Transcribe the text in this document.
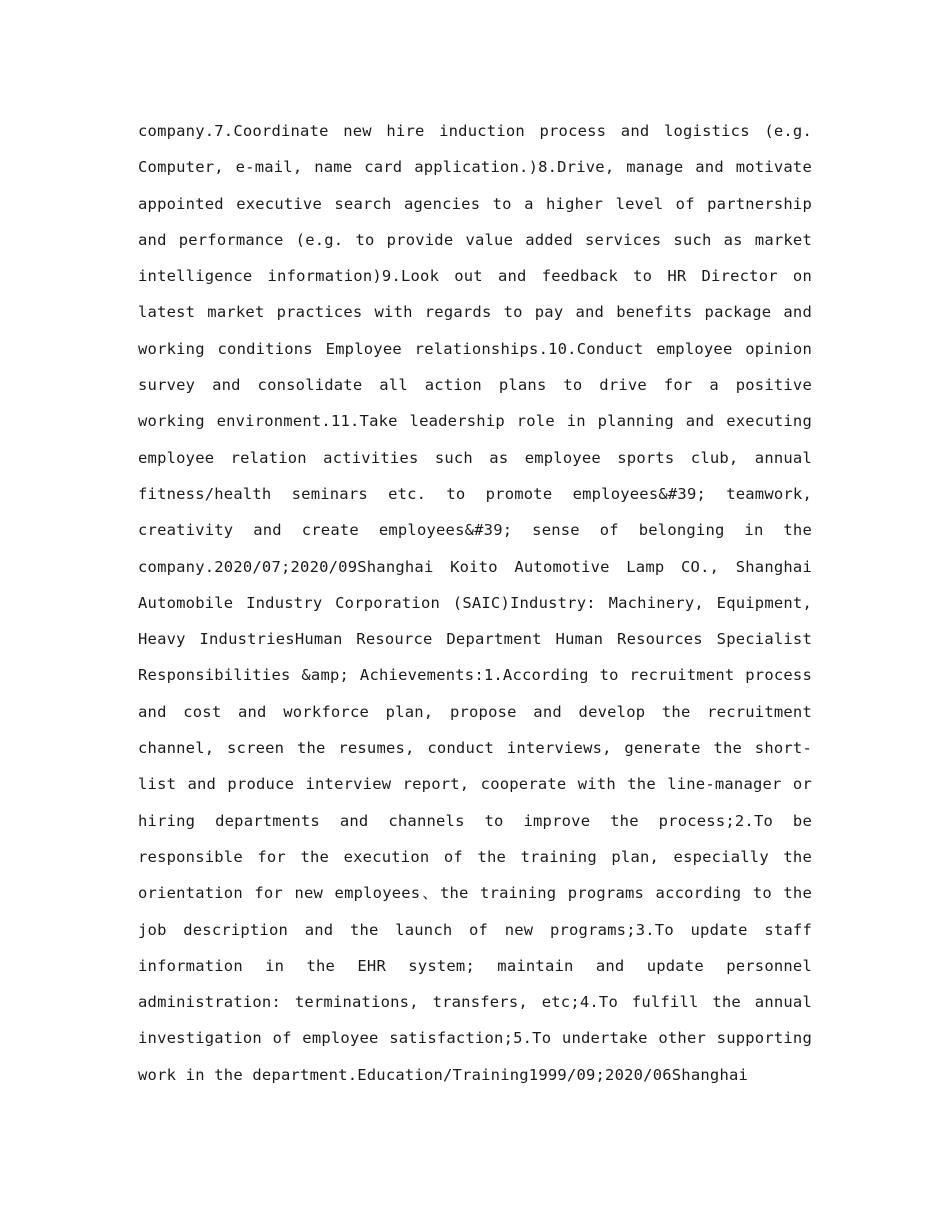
company.7.Coordinate new hire induction process and logistics (e.g. Computer, e-mail, name card application.)8.Drive, manage and motivate appointed executive search agencies to a higher level of partnership and performance (e.g. to provide value added services such as market intelligence information)9.Look out and feedback to HR Director on latest market practices with regards to pay and benefits package and working conditions Employee relationships.10.Conduct employee opinion survey and consolidate all action plans to drive for a positive working environment.11.Take leadership role in planning and executing employee relation activities such as employee sports club, annual fitness/health seminars etc. to promote employees&#39; teamwork, creativity and create employees&#39; sense of belonging in the company.2020/07;2020/09Shanghai Koito Automotive Lamp CO., Shanghai Automobile Industry Corporation (SAIC)Industry: Machinery, Equipment, Heavy IndustriesHuman Resource Department Human Resources Specialist Responsibilities &amp; Achievements:1.According to recruitment process and cost and workforce plan, propose and develop the recruitment channel, screen the resumes, conduct interviews, generate the short-list and produce interview report, cooperate with the line-manager or hiring departments and channels to improve the process;2.To be responsible for the execution of the training plan, especially the orientation for new employees、the training programs according to the job description and the launch of new programs;3.To update staff information in the EHR system; maintain and update personnel administration: terminations, transfers, etc;4.To fulfill the annual investigation of employee satisfaction;5.To undertake other supporting work in the department.Education/Training1999/09;2020/06Shanghai
